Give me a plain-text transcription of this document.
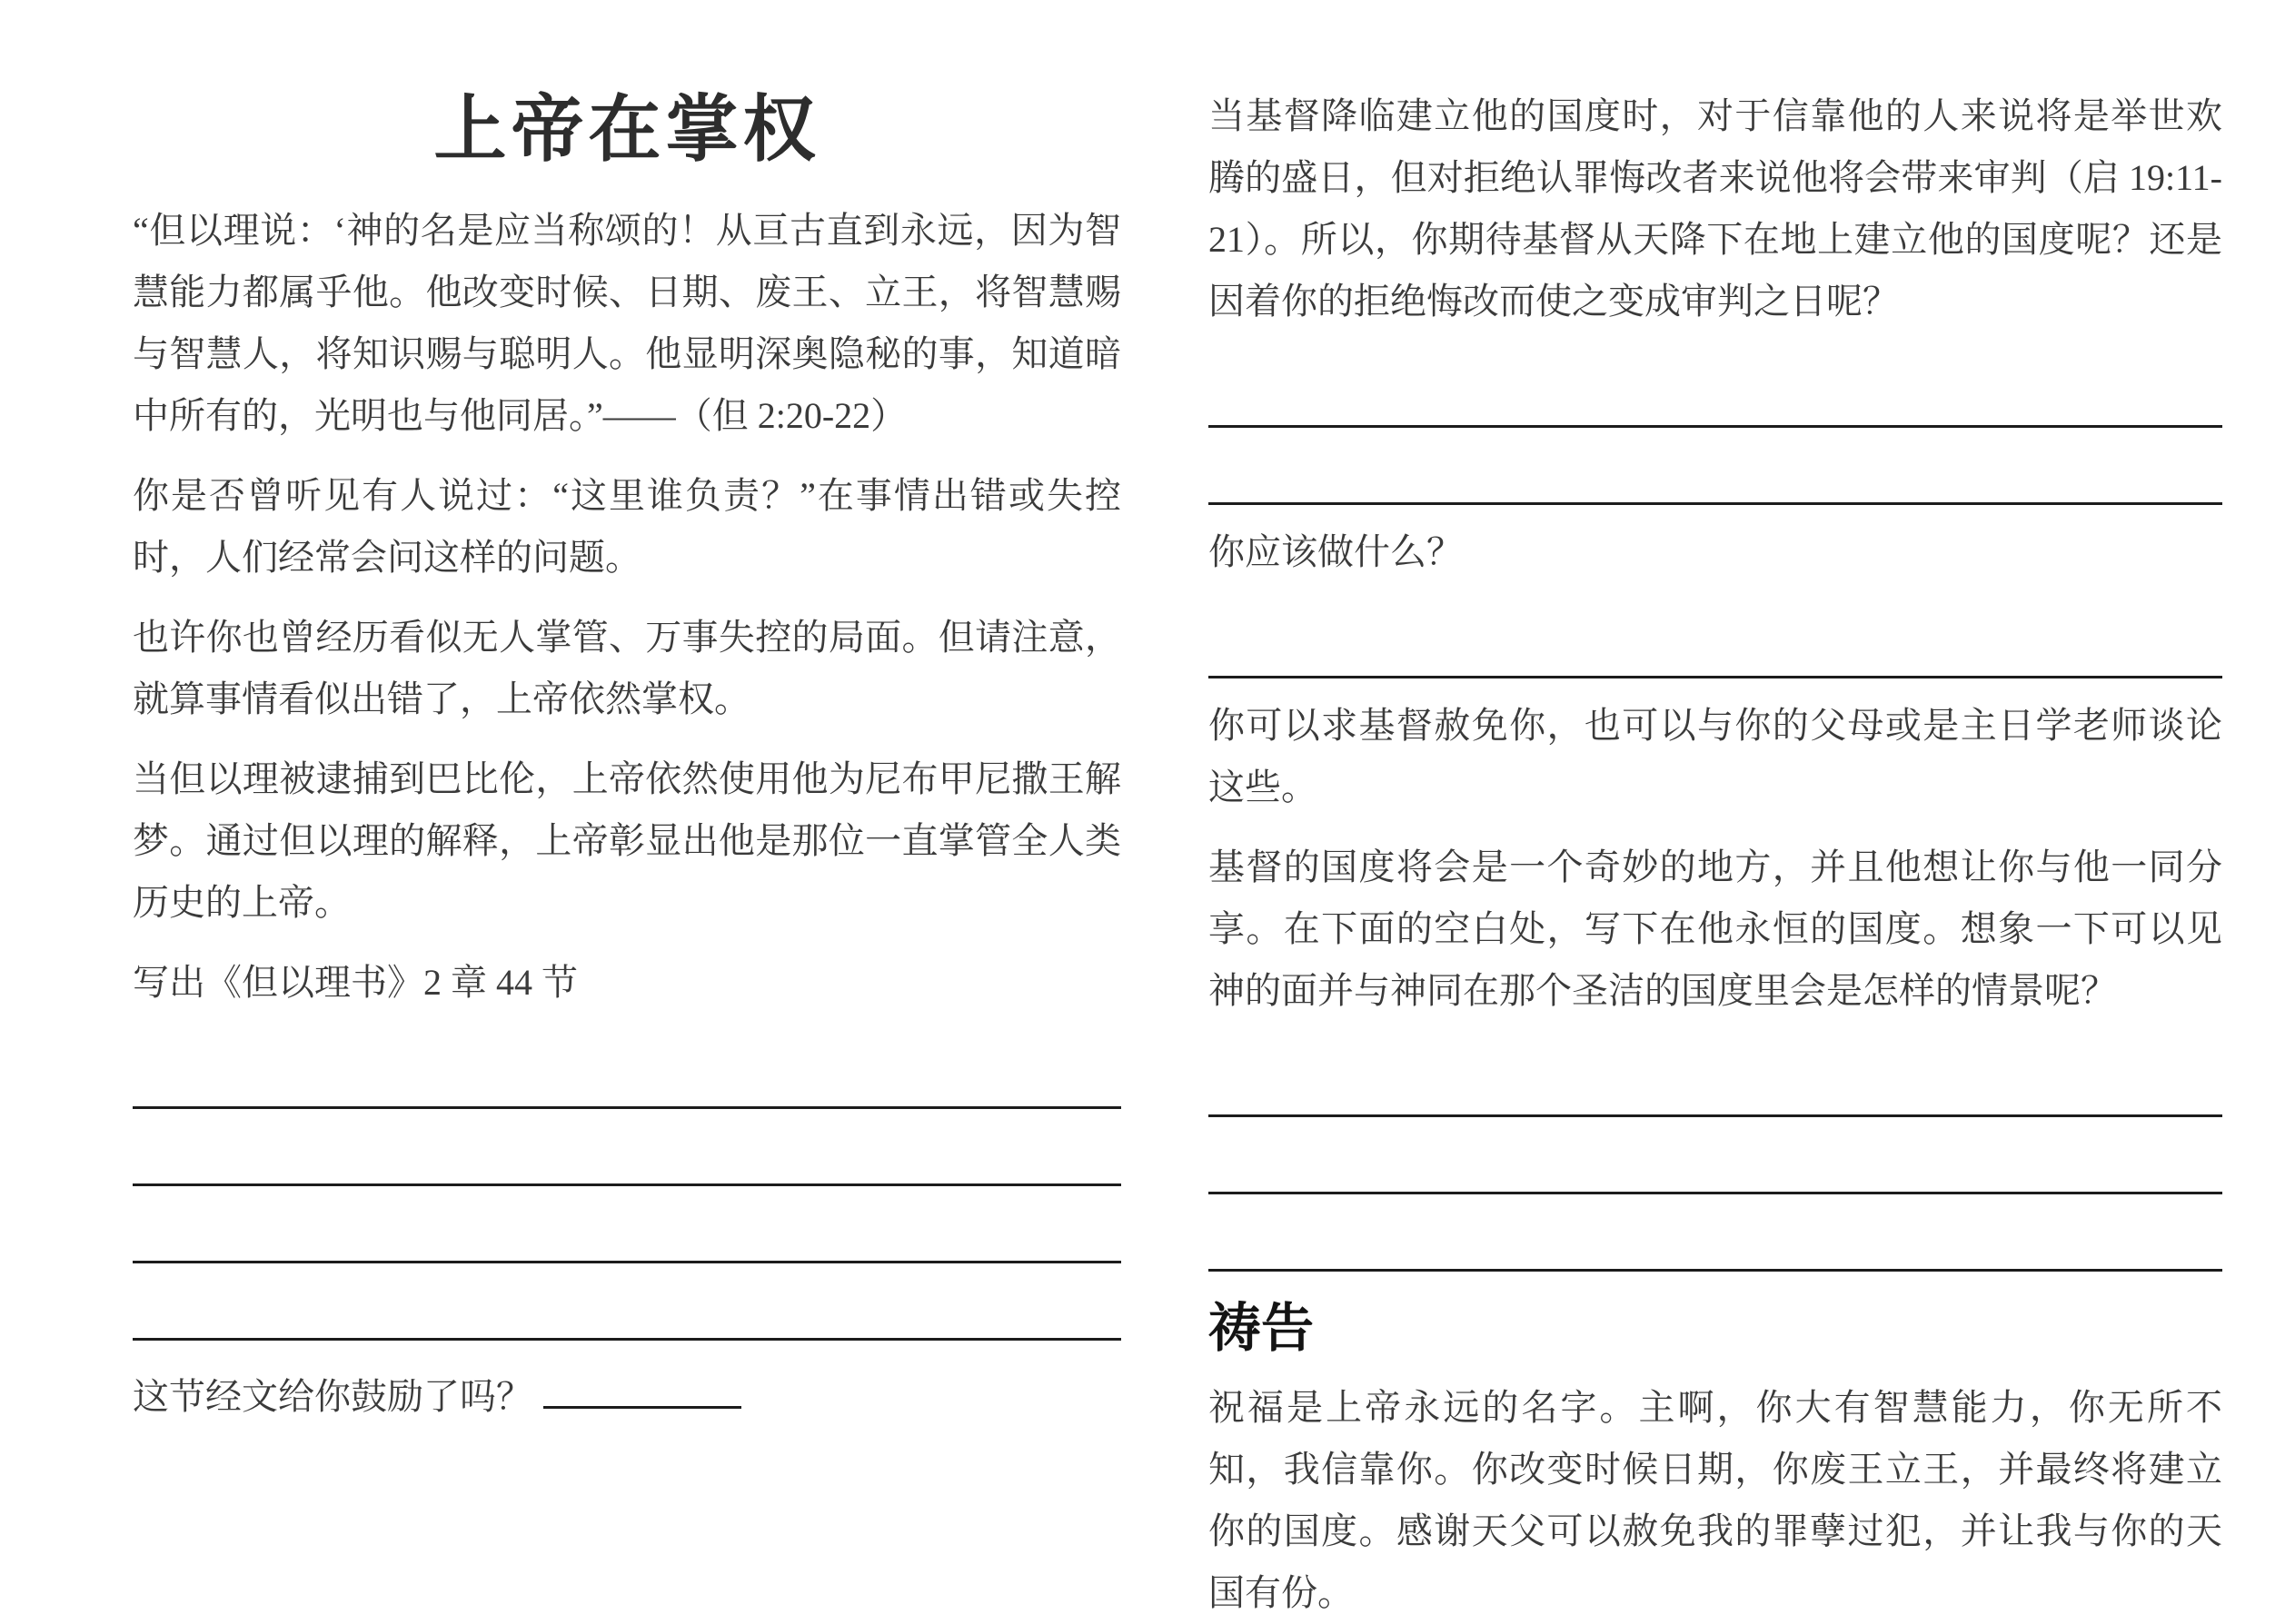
上帝在掌权

“但以理说：‘神的名是应当称颂的！从亘古直到永远，因为智慧能力都属乎他。他改变时候、日期、废王、立王，将智慧赐与智慧人，将知识赐与聪明人。他显明深奥隐秘的事，知道暗中所有的，光明也与他同居。”——（但 2:20-22）

你是否曾听见有人说过：“这里谁负责？”在事情出错或失控时，人们经常会问这样的问题。

也许你也曾经历看似无人掌管、万事失控的局面。但请注意，就算事情看似出错了，上帝依然掌权。

当但以理被逮捕到巴比伦，上帝依然使用他为尼布甲尼撒王解梦。通过但以理的解释，上帝彰显出他是那位一直掌管全人类历史的上帝。

写出《但以理书》2 章 44 节

这节经文给你鼓励了吗？

当基督降临建立他的国度时，对于信靠他的人来说将是举世欢腾的盛日，但对拒绝认罪悔改者来说他将会带来审判（启 19:11-21）。所以，你期待基督从天降下在地上建立他的国度呢？还是因着你的拒绝悔改而使之变成审判之日呢？

你应该做什么？

你可以求基督赦免你，也可以与你的父母或是主日学老师谈论这些。

基督的国度将会是一个奇妙的地方，并且他想让你与他一同分享。在下面的空白处，写下在他永恒的国度。想象一下可以见神的面并与神同在那个圣洁的国度里会是怎样的情景呢？

祷告

祝福是上帝永远的名字。主啊，你大有智慧能力，你无所不知，我信靠你。你改变时候日期，你废王立王，并最终将建立你的国度。感谢天父可以赦免我的罪孽过犯，并让我与你的天国有份。
